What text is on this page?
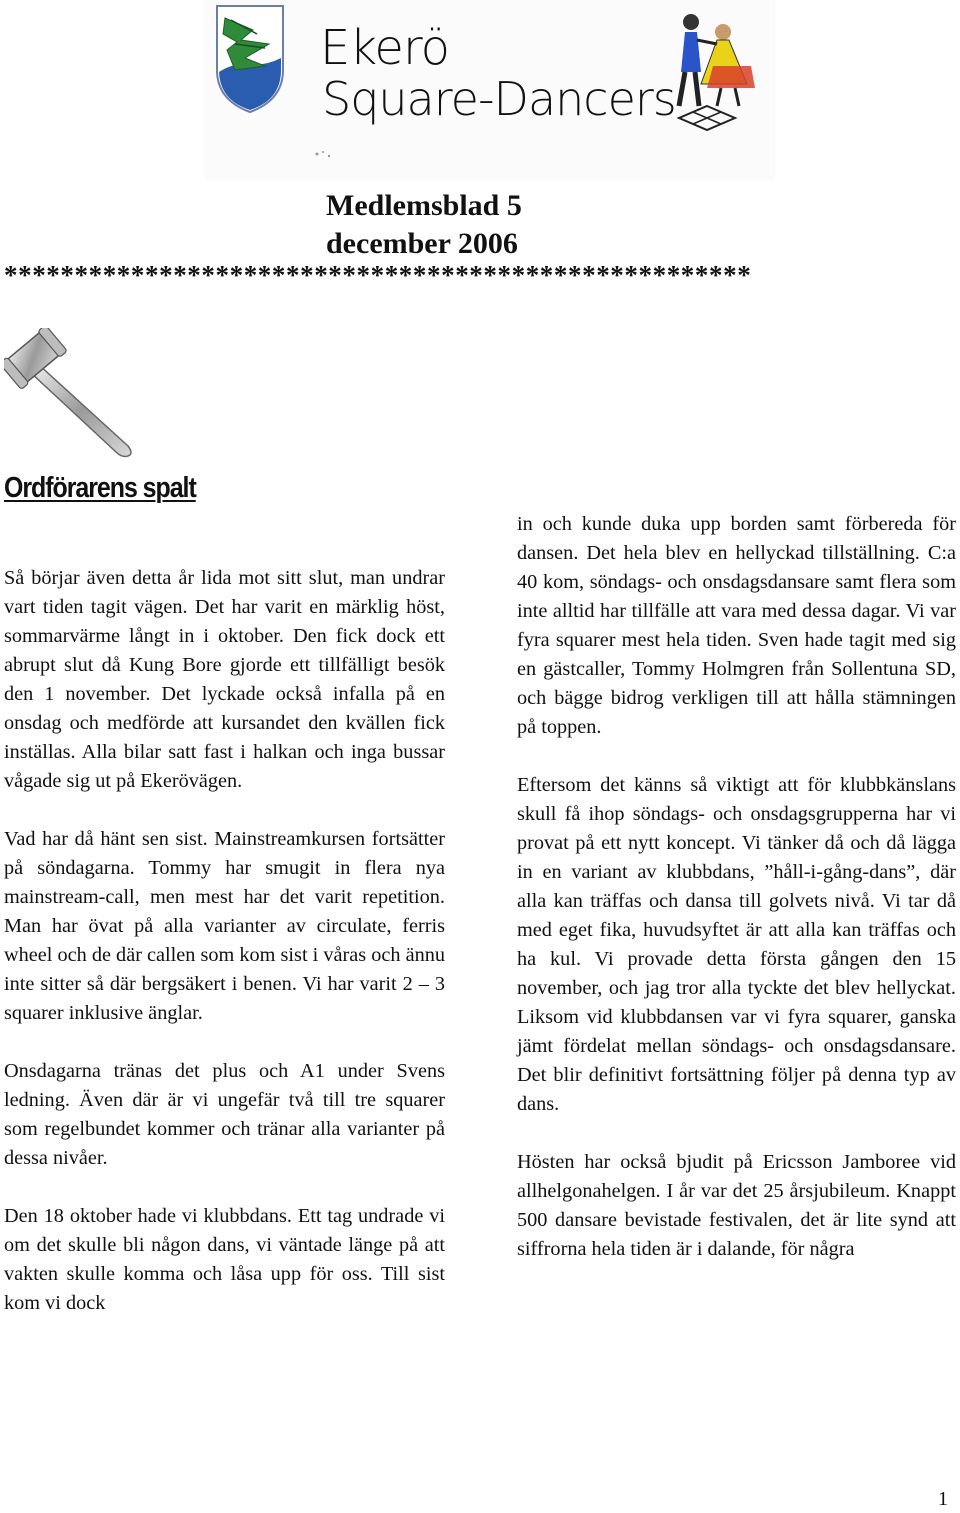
Ekerö
Square-Dancers
Medlemsblad 5
december 2006
*****************************************************
Ordförarens spalt

Så börjar även detta år lida mot sitt slut, man undrar vart tiden tagit vägen. Det har varit en märklig höst, sommarvärme långt in i oktober. Den fick dock ett abrupt slut då Kung Bore gjorde ett tillfälligt besök den 1 november. Det lyckade också infalla på en onsdag och medförde att kursandet den kvällen fick inställas. Alla bilar satt fast i halkan och inga bussar vågade sig ut på Ekerövägen.

Vad har då hänt sen sist. Mainstreamkursen fortsätter på söndagarna. Tommy har smugit in flera nya mainstream-call, men mest har det varit repetition. Man har övat på alla varianter av circulate, ferris wheel och de där callen som kom sist i våras och ännu inte sitter så där bergsäkert i benen. Vi har varit 2 – 3 squarer inklusive änglar.

Onsdagarna tränas det plus och A1 under Svens ledning. Även där är vi ungefär två till tre squarer som regelbundet kommer och tränar alla varianter på dessa nivåer.

Den 18 oktober hade vi klubbdans. Ett tag undrade vi om det skulle bli någon dans, vi väntade länge på att vakten skulle komma och låsa upp för oss. Till sist kom vi dock

in och kunde duka upp borden samt förbereda för dansen. Det hela blev en hellyckad tillställning. C:a 40 kom, söndags- och onsdagsdansare samt flera som inte alltid har tillfälle att vara med dessa dagar. Vi var fyra squarer mest hela tiden. Sven hade tagit med sig en gästcaller, Tommy Holmgren från Sollentuna SD, och bägge bidrog verkligen till att hålla stämningen på toppen.

Eftersom det känns så viktigt att för klubbkänslans skull få ihop söndags- och onsdagsgrupperna har vi provat på ett nytt koncept. Vi tänker då och då lägga in en variant av klubbdans, ”håll-i-gång-dans”, där alla kan träffas och dansa till golvets nivå. Vi tar då med eget fika, huvudsyftet är att alla kan träffas och ha kul. Vi provade detta första gången den 15 november, och jag tror alla tyckte det blev hellyckat. Liksom vid klubbdansen var vi fyra squarer, ganska jämt fördelat mellan söndags- och onsdagsdansare. Det blir definitivt fortsättning följer på denna typ av dans.

Hösten har också bjudit på Ericsson Jamboree vid allhelgonahelgen. I år var det 25 årsjubileum. Knappt 500 dansare bevistade festivalen, det är lite synd att siffrorna hela tiden är i dalande, för några

1
